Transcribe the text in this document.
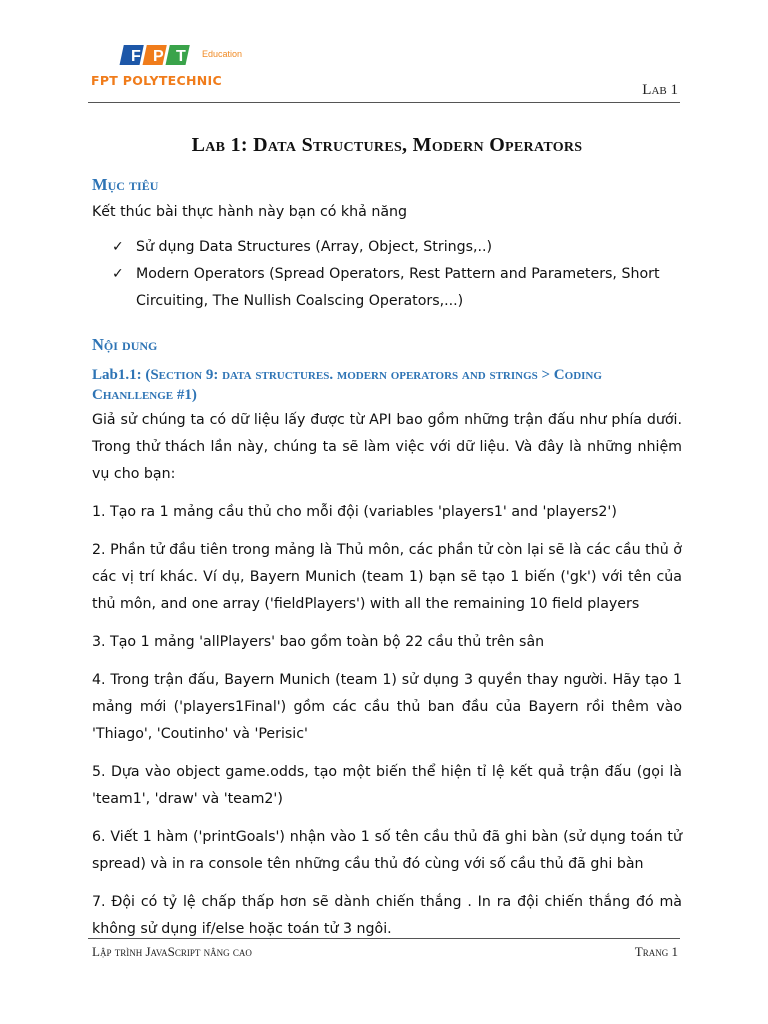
F P T Education
FPT POLYTECHNIC
Lab 1
Lab 1: Data Structures, Modern Operators
Mục tiêu

Kết thúc bài thực hành này bạn có khả năng

✓ Sử dụng Data Structures (Array, Object, Strings,..)
✓ Modern Operators (Spread Operators, Rest Pattern and Parameters, Short Circuiting, The Nullish Coalscing Operators,...)
Nội dung
Lab1.1: (Section 9: data structures. modern operators and strings > Coding Chanllenge #1)

Giả sử chúng ta có dữ liệu lấy được từ API bao gồm những trận đấu như phía dưới. Trong thử thách lần này, chúng ta sẽ làm việc với dữ liệu. Và đây là những nhiệm vụ cho bạn:

1. Tạo ra 1 mảng cầu thủ cho mỗi đội (variables 'players1' and 'players2')

2. Phần tử đầu tiên trong mảng là Thủ môn, các phần tử còn lại sẽ là các cầu thủ ở các vị trí khác. Ví dụ, Bayern Munich (team 1) bạn sẽ tạo 1 biến ('gk') với tên của thủ môn, and one array ('fieldPlayers') with all the remaining 10 field players

3. Tạo 1 mảng 'allPlayers' bao gồm toàn bộ 22 cầu thủ trên sân

4. Trong trận đấu, Bayern Munich (team 1) sử dụng 3 quyền thay người. Hãy tạo 1 mảng mới ('players1Final') gồm các cầu thủ ban đầu của Bayern rồi thêm vào 'Thiago', 'Coutinho' và 'Perisic'

5. Dựa vào object game.odds, tạo một biến thể hiện tỉ lệ kết quả trận đấu (gọi là 'team1', 'draw' và 'team2')

6. Viết 1 hàm ('printGoals') nhận vào 1 số tên cầu thủ đã ghi bàn (sử dụng toán tử spread) và in ra console tên những cầu thủ đó cùng với số cầu thủ đã ghi bàn

7. Đội có tỷ lệ chấp thấp hơn sẽ dành chiến thắng . In ra đội chiến thắng đó mà không sử dụng if/else hoặc toán tử 3 ngôi.

Lập trình JavaScript nâng cao	Trang 1
